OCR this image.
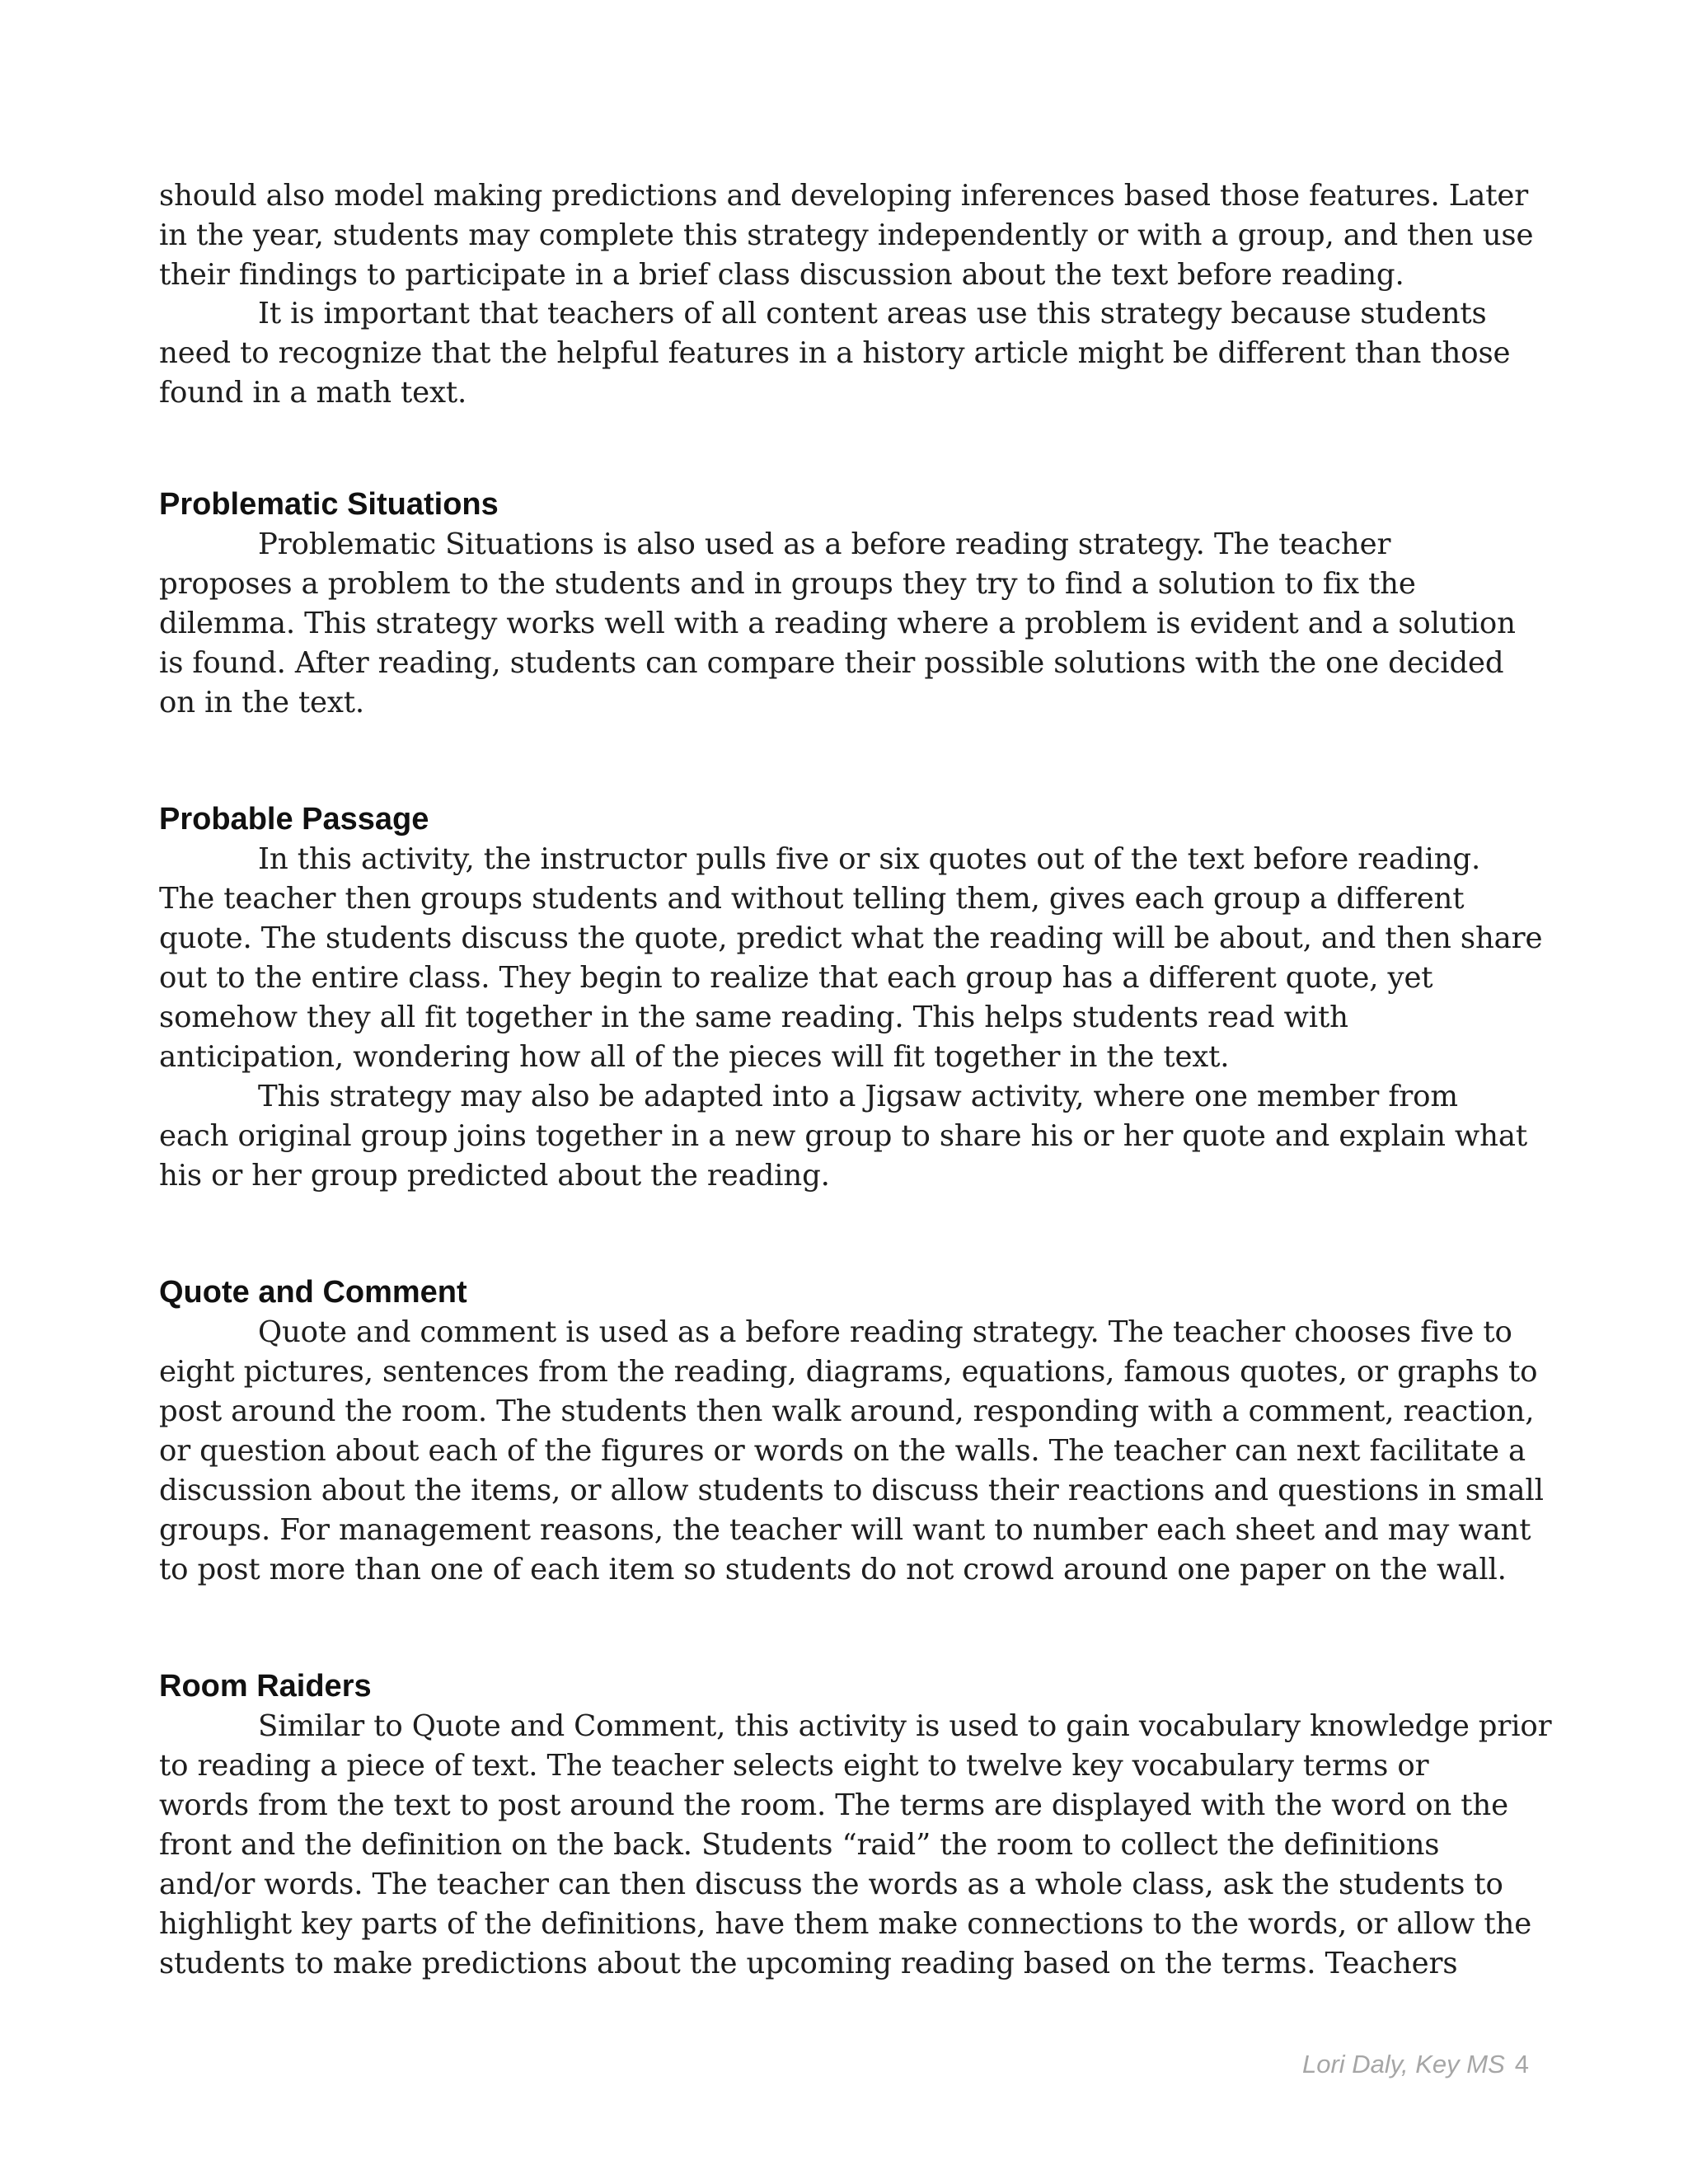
should also model making predictions and developing inferences based those features. Later
in the year, students may complete this strategy independently or with a group, and then use
their findings to participate in a brief class discussion about the text before reading.
It is important that teachers of all content areas use this strategy because students
need to recognize that the helpful features in a history article might be different than those
found in a math text.
Problematic Situations
Problematic Situations is also used as a before reading strategy. The teacher
proposes a problem to the students and in groups they try to find a solution to fix the
dilemma. This strategy works well with a reading where a problem is evident and a solution
is found. After reading, students can compare their possible solutions with the one decided
on in the text.
Probable Passage
In this activity, the instructor pulls five or six quotes out of the text before reading.
The teacher then groups students and without telling them, gives each group a different
quote. The students discuss the quote, predict what the reading will be about, and then share
out to the entire class. They begin to realize that each group has a different quote, yet
somehow they all fit together in the same reading. This helps students read with
anticipation, wondering how all of the pieces will fit together in the text.
This strategy may also be adapted into a Jigsaw activity, where one member from
each original group joins together in a new group to share his or her quote and explain what
his or her group predicted about the reading.
Quote and Comment
Quote and comment is used as a before reading strategy. The teacher chooses five to
eight pictures, sentences from the reading, diagrams, equations, famous quotes, or graphs to
post around the room. The students then walk around, responding with a comment, reaction,
or question about each of the figures or words on the walls. The teacher can next facilitate a
discussion about the items, or allow students to discuss their reactions and questions in small
groups. For management reasons, the teacher will want to number each sheet and may want
to post more than one of each item so students do not crowd around one paper on the wall.
Room Raiders
Similar to Quote and Comment, this activity is used to gain vocabulary knowledge prior
to reading a piece of text. The teacher selects eight to twelve key vocabulary terms or
words from the text to post around the room. The terms are displayed with the word on the
front and the definition on the back. Students “raid” the room to collect the definitions
and/or words. The teacher can then discuss the words as a whole class, ask the students to
highlight key parts of the definitions, have them make connections to the words, or allow the
students to make predictions about the upcoming reading based on the terms. Teachers
Lori Daly, Key MS 4
